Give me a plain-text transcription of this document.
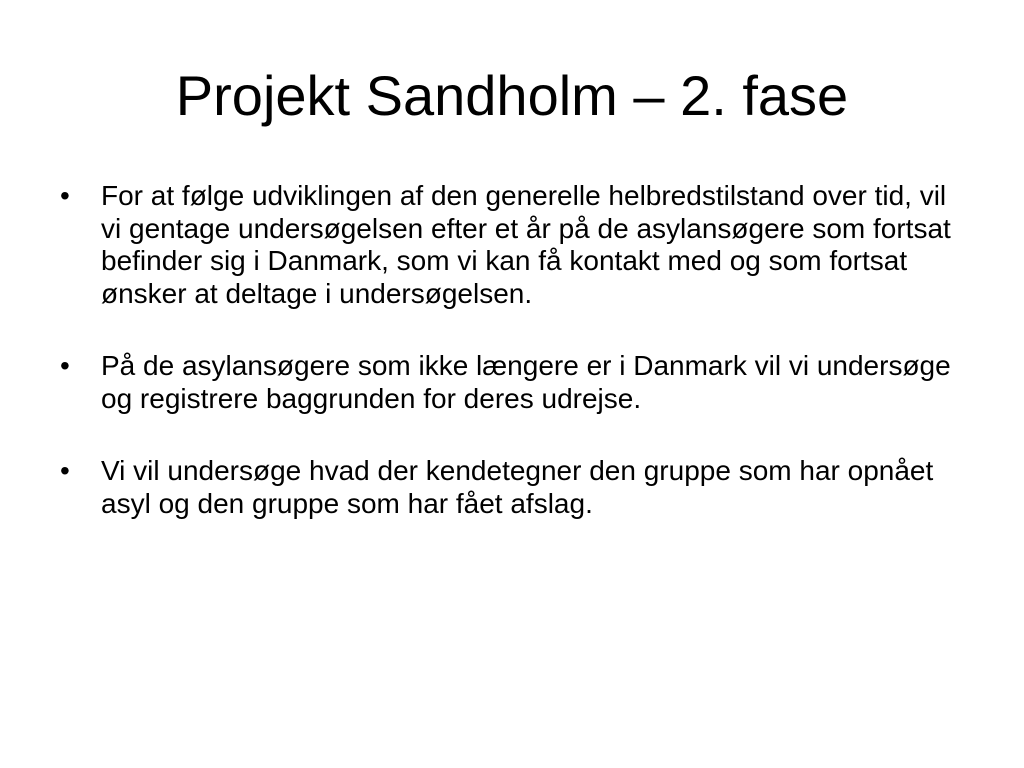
Projekt Sandholm – 2. fase
•	For at følge udviklingen af den generelle helbredstilstand over tid, vil vi gentage undersøgelsen efter et år på de asylansøgere som fortsat befinder sig i Danmark, som vi kan få kontakt med og som fortsat ønsker at deltage i undersøgelsen.
•	På de asylansøgere som ikke længere er i Danmark vil vi undersøge og registrere baggrunden for deres udrejse.
•	Vi vil undersøge hvad der kendetegner den gruppe som har opnået asyl og den gruppe som har fået afslag.
